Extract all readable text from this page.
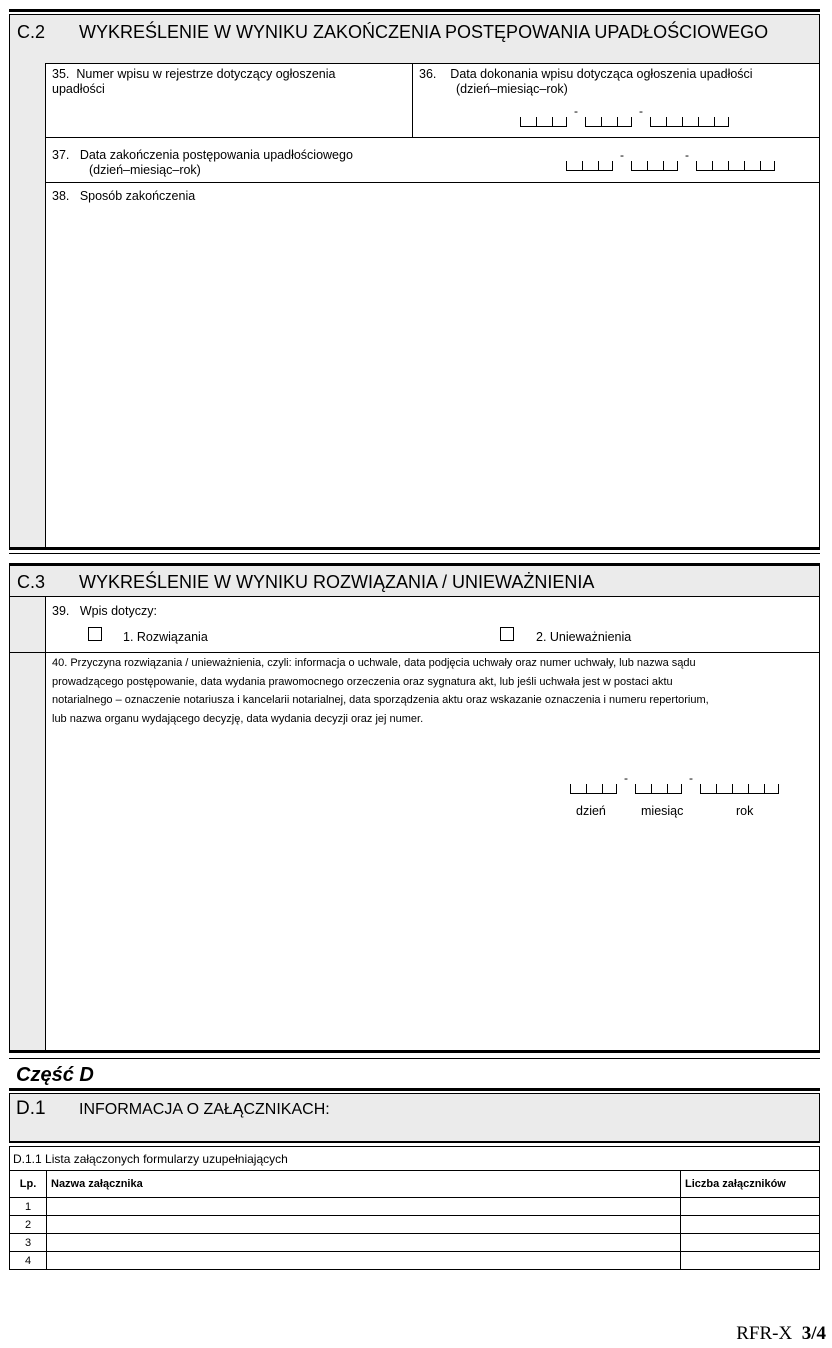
C.2 WYKREŚLENIE W WYNIKU ZAKOŃCZENIA POSTĘPOWANIA UPADŁOŚCIOWEGO
35. Numer wpisu w rejestrze dotyczący ogłoszenia
upadłości
36. Data dokonania wpisu dotycząca ogłoszenia upadłości
(dzień–miesiąc–rok)
-	-
37. Data zakończenia postępowania upadłościowego
(dzień–miesiąc–rok)
-	-
38. Sposób zakończenia
C.3 WYKREŚLENIE W WYNIKU ROZWIĄZANIA / UNIEWAŻNIENIA
39. Wpis dotyczy:
1. Rozwiązania	2. Unieważnienia
40. Przyczyna rozwiązania / unieważnienia, czyli: informacja o uchwale, data podjęcia uchwały oraz numer uchwały, lub nazwa sądu
prowadzącego postępowanie, data wydania prawomocnego orzeczenia oraz sygnatura akt, lub jeśli uchwała jest w postaci aktu
notarialnego – oznaczenie notariusza i kancelarii notarialnej, data sporządzenia aktu oraz wskazanie oznaczenia i numeru repertorium,
lub nazwa organu wydającego decyzję, data wydania decyzji oraz jej numer.
-	-
dzień	miesiąc	rok
Część D
D.1 INFORMACJA O ZAŁĄCZNIKACH:
D.1.1 Lista załączonych formularzy uzupełniających
Lp.	Nazwa załącznika	Liczba załączników
1		
2		
3		
4		
RFR-X 3/4
